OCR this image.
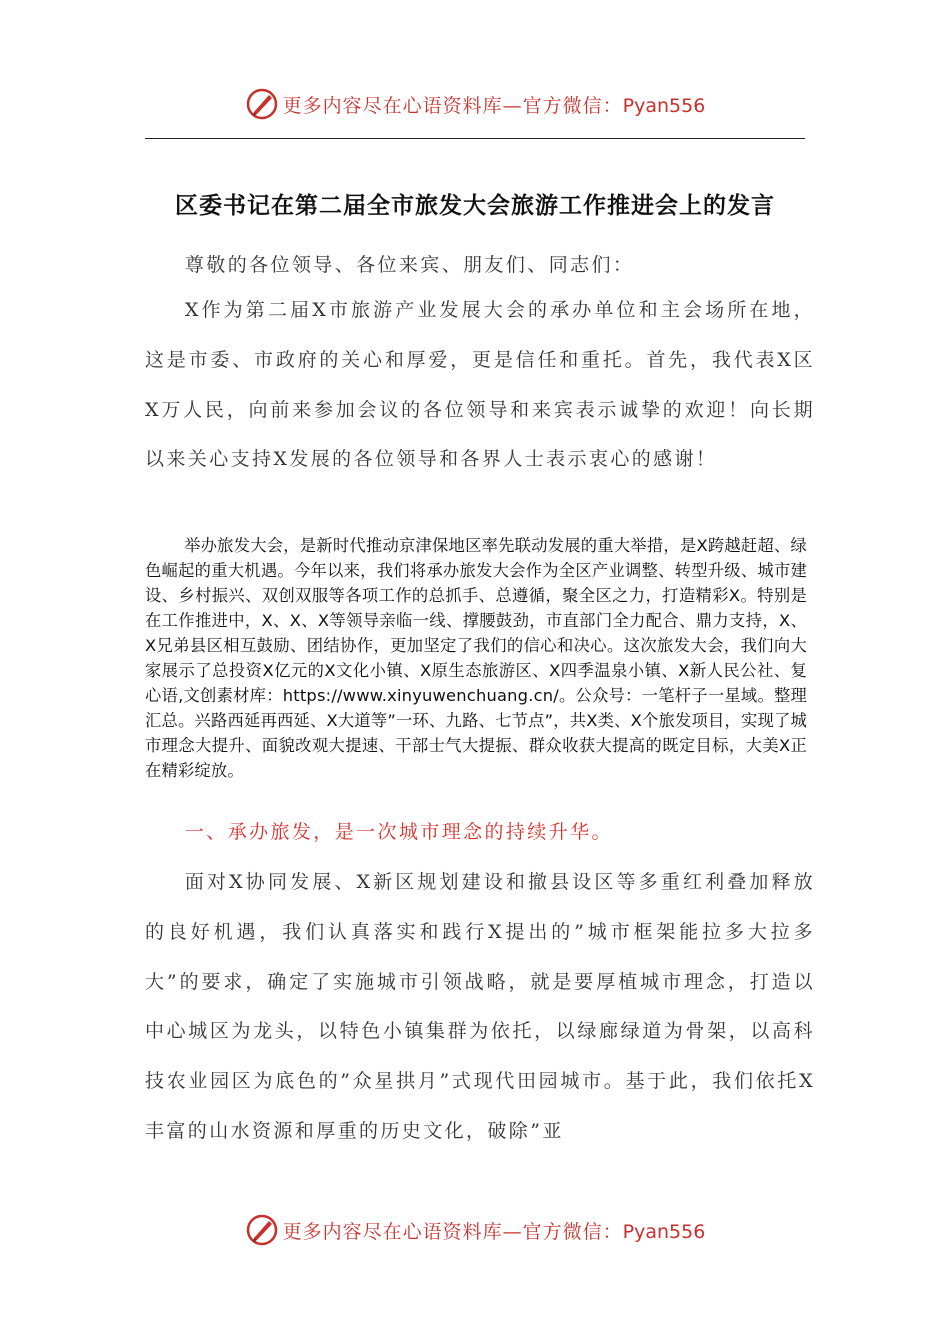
更多内容尽在心语资料库—官方微信：Pyan556
区委书记在第二届全市旅发大会旅游工作推进会上的发言

尊敬的各位领导、各位来宾、朋友们、同志们：

X作为第二届X市旅游产业发展大会的承办单位和主会场所在地，这是市委、市政府的关心和厚爱，更是信任和重托。首先，我代表X区X万人民，向前来参加会议的各位领导和来宾表示诚挚的欢迎！向长期以来关心支持X发展的各位领导和各界人士表示衷心的感谢！

举办旅发大会，是新时代推动京津保地区率先联动发展的重大举措，是X跨越赶超、绿色崛起的重大机遇。今年以来，我们将承办旅发大会作为全区产业调整、转型升级、城市建设、乡村振兴、双创双服等各项工作的总抓手、总遵循，聚全区之力，打造精彩X。特别是在工作推进中，X、X、X等领导亲临一线、撑腰鼓劲，市直部门全力配合、鼎力支持，X、X兄弟县区相互鼓励、团结协作，更加坚定了我们的信心和决心。这次旅发大会，我们向大家展示了总投资X亿元的X文化小镇、X原生态旅游区、X四季温泉小镇、X新人民公社、复心语,文创素材库：https://www.xinyuwenchuang.cn/。公众号：一笔杆子一星域。整理汇总。兴路西延再西延、X大道等”一环、九路、七节点”，共X类、X个旅发项目，实现了城市理念大提升、面貌改观大提速、干部士气大提振、群众收获大提高的既定目标，大美X正在精彩绽放。

一、承办旅发，是一次城市理念的持续升华。

面对X协同发展、X新区规划建设和撤县设区等多重红利叠加释放的良好机遇，我们认真落实和践行X提出的”城市框架能拉多大拉多大”的要求，确定了实施城市引领战略，就是要厚植城市理念，打造以中心城区为龙头，以特色小镇集群为依托，以绿廊绿道为骨架，以高科技农业园区为底色的”众星拱月”式现代田园城市。基于此，我们依托X丰富的山水资源和厚重的历史文化，破除”亚

更多内容尽在心语资料库—官方微信：Pyan556
